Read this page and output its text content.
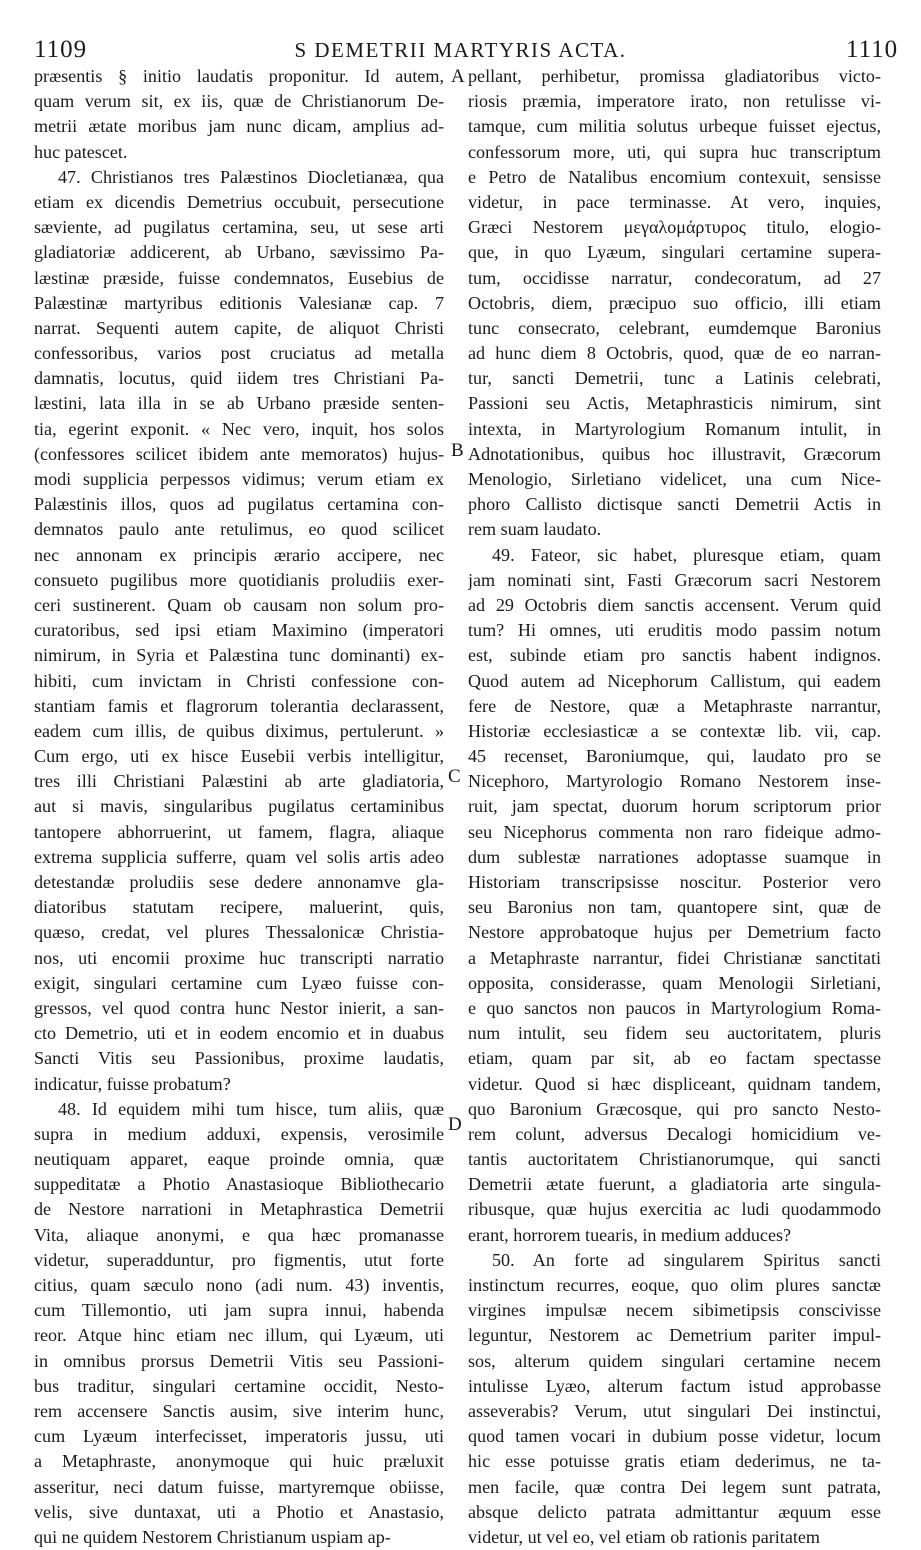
1109	S DEMETRII MARTYRIS ACTA.	1110
præsentis § initio laudatis proponitur. Id autem,
quam verum sit, ex iis, quæ de Christianorum De-
metrii ætate moribus jam nunc dicam, amplius ad-
huc patescet.
47. Christianos tres Palæstinos Diocletianæa, qua
etiam ex dicendis Demetrius occubuit, persecutione
sæviente, ad pugilatus certamina, seu, ut sese arti
gladiatoriæ addicerent, ab Urbano, sævissimo Pa-
læstinæ præside, fuisse condemnatos, Eusebius de
Palæstinæ martyribus editionis Valesianæ cap. 7
narrat. Sequenti autem capite, de aliquot Christi
confessoribus, varios post cruciatus ad metalla
damnatis, locutus, quid iidem tres Christiani Pa-
læstini, lata illa in se ab Urbano præside senten-
tia, egerint exponit. « Nec vero, inquit, hos solos
(confessores scilicet ibidem ante memoratos) hujus-
modi supplicia perpessos vidimus; verum etiam ex
Palæstinis illos, quos ad pugilatus certamina con-
demnatos paulo ante retulimus, eo quod scilicet
nec annonam ex principis ærario accipere, nec
consueto pugilibus more quotidianis proludiis exer-
ceri sustinerent. Quam ob causam non solum pro-
curatoribus, sed ipsi etiam Maximino (imperatori
nimirum, in Syria et Palæstina tunc dominanti) ex-
hibiti, cum invictam in Christi confessione con-
stantiam famis et flagrorum tolerantia declarassent,
eadem cum illis, de quibus diximus, pertulerunt. »
Cum ergo, uti ex hisce Eusebii verbis intelligitur,
tres illi Christiani Palæstini ab arte gladiatoria,
aut si mavis, singularibus pugilatus certaminibus
tantopere abhorruerint, ut famem, flagra, aliaque
extrema supplicia sufferre, quam vel solis artis adeo
detestandæ proludiis sese dedere annonamve gla-
diatoribus statutam recipere, maluerint, quis,
quæso, credat, vel plures Thessalonicæ Christia-
nos, uti encomii proxime huc transcripti narratio
exigit, singulari certamine cum Lyæo fuisse con-
gressos, vel quod contra hunc Nestor inierit, a san-
cto Demetrio, uti et in eodem encomio et in duabus
Sancti Vitis seu Passionibus, proxime laudatis,
indicatur, fuisse probatum?
48. Id equidem mihi tum hisce, tum aliis, quæ
supra in medium adduxi, expensis, verosimile
neutiquam apparet, eaque proinde omnia, quæ
suppeditatæ a Photio Anastasioque Bibliothecario
de Nestore narrationi in Metaphrastica Demetrii
Vita, aliaque anonymi, e qua hæc promanasse
videtur, superadduntur, pro figmentis, utut forte
citius, quam sæculo nono (adi num. 43) inventis,
cum Tillemontio, uti jam supra innui, habenda
reor. Atque hinc etiam nec illum, qui Lyæum, uti
in omnibus prorsus Demetrii Vitis seu Passioni-
bus traditur, singulari certamine occidit, Nesto-
rem accensere Sanctis ausim, sive interim hunc,
cum Lyæum interfecisset, imperatoris jussu, uti
a Metaphraste, anonymoque qui huic præluxit
asseritur, neci datum fuisse, martyremque obiisse,
velis, sive duntaxat, uti a Photio et Anastasio,
qui ne quidem Nestorem Christianum uspiam ap-
pellant, perhibetur, promissa gladiatoribus victo-
riosis præmia, imperatore irato, non retulisse vi-
tamque, cum militia solutus urbeque fuisset ejectus,
confessorum more, uti, qui supra huc transcriptum
e Petro de Natalibus encomium contexuit, sensisse
videtur, in pace terminasse. At vero, inquies,
Græci Nestorem μεγαλομάρτυρος titulo, elogio-
que, in quo Lyæum, singulari certamine supera-
tum, occidisse narratur, condecoratum, ad 27
Octobris, diem, præcipuo suo officio, illi etiam
tunc consecrato, celebrant, eumdemque Baronius
ad hunc diem 8 Octobris, quod, quæ de eo narran-
tur, sancti Demetrii, tunc a Latinis celebrati,
Passioni seu Actis, Metaphrasticis nimirum, sint
intexta, in Martyrologium Romanum intulit, in
Adnotationibus, quibus hoc illustravit, Græcorum
Menologio, Sirletiano videlicet, una cum Nice-
phoro Callisto dictisque sancti Demetrii Actis in
rem suam laudato.
49. Fateor, sic habet, pluresque etiam, quam
jam nominati sint, Fasti Græcorum sacri Nestorem
ad 29 Octobris diem sanctis accensent. Verum quid
tum? Hi omnes, uti eruditis modo passim notum
est, subinde etiam pro sanctis habent indignos.
Quod autem ad Nicephorum Callistum, qui eadem
fere de Nestore, quæ a Metaphraste narrantur,
Historiæ ecclesiasticæ a se contextæ lib. vii, cap.
45 recenset, Baroniumque, qui, laudato pro se
Nicephoro, Martyrologio Romano Nestorem inse-
ruit, jam spectat, duorum horum scriptorum prior
seu Nicephorus commenta non raro fideique admo-
dum sublestæ narrationes adoptasse suamque in
Historiam transcripsisse noscitur. Posterior vero
seu Baronius non tam, quantopere sint, quæ de
Nestore approbatoque hujus per Demetrium facto
a Metaphraste narrantur, fidei Christianæ sanctitati
opposita, considerasse, quam Menologii Sirletiani,
e quo sanctos non paucos in Martyrologium Roma-
num intulit, seu fidem seu auctoritatem, pluris
etiam, quam par sit, ab eo factam spectasse
videtur. Quod si hæc displiceant, quidnam tandem,
quo Baronium Græcosque, qui pro sancto Nesto-
rem colunt, adversus Decalogi homicidium ve-
tantis auctoritatem Christianorumque, qui sancti
Demetrii ætate fuerunt, a gladiatoria arte singula-
ribusque, quæ hujus exercitia ac ludi quodammodo
erant, horrorem tuearis, in medium adduces?
50. An forte ad singularem Spiritus sancti
instinctum recurres, eoque, quo olim plures sanctæ
virgines impulsæ necem sibimetipsis conscivisse
leguntur, Nestorem ac Demetrium pariter impul-
sos, alterum quidem singulari certamine necem
intulisse Lyæo, alterum factum istud approbasse
asseverabis? Verum, utut singulari Dei instinctui,
quod tamen vocari in dubium posse videtur, locum
hic esse potuisse gratis etiam dederimus, ne ta-
men facile, quæ contra Dei legem sunt patrata,
absque delicto patrata admittantur æquum esse
videtur, ut vel eo, vel etiam ob rationis paritatem
A
B
C
D
